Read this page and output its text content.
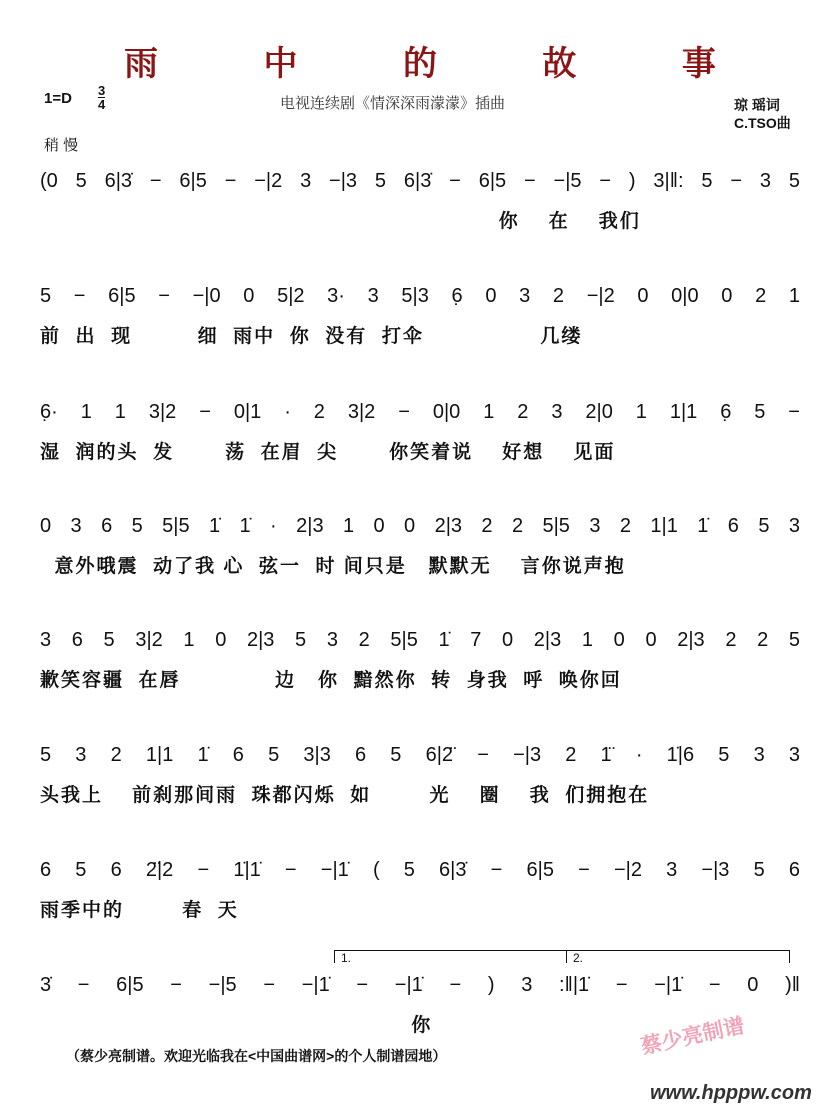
雨 中 的 故 事
1=D 3
4	电视连续剧《情深深雨濛濛》插曲	琼 瑶词
C.TSO曲
稍 慢
(0 5 6|3̇ − 6|5 − −|2 3 −|3 5 6|3̇ − 6|5 − −|5 − ) 3|‖: 5 − 3 5
你    在    我们
5 − 6|5 − −|0 0 5|2 3· 3 5|3 6̣ 0 3 2 −|2 0 0|0 0 2 1
前  出  现         细  雨中  你  没有  打伞                几缕
6̣· 1 1 3|2 − 0|1 · 2 3|2 − 0|0 1 2 3 2|0 1 1|1 6̣ 5 −
湿  润的头  发       荡  在眉  尖       你笑着说    好想    见面
0 3 6 5 5|5 1̇ 1̇ · 2|3 1 0 0 2|3 2 2 5|5 3 2 1|1 1̇ 6 5 3
意外哦震  动了我 心  弦一  时 间只是   默默无    言你说声抱
3 6 5 3|2 1 0 2|3 5 3 2 5|5 1̇ 7 0 2|3 1 0 0 2|3 2 2 5
歉笑容疆  在唇             边   你  黯然你  转  身我  呼  唤你回
5 3 2 1|1 1̇ 6 5 3|3 6 5 6|2̈ − −|3 2 1̈ · 1̇|6 5 3 3
头我上    前刹那间雨  珠都闪烁  如        光    圈    我  们拥抱在
6 5 6 2̈|2 − 1̇|1̇ − −|1̇ ( 5 6|3̇ − 6|5 − −|2 3 −|3 5 6
雨季中的        春  天
3̇ − 6|5 − −|5 − −|1̇ − −|1̇ − ) 3 :‖|1̇ − −|1̇ − 0 )‖
你
1.	2.
（蔡少亮制谱。欢迎光临我在<中国曲谱网>的个人制谱园地）	蔡少亮制谱
www.hpppw.com
